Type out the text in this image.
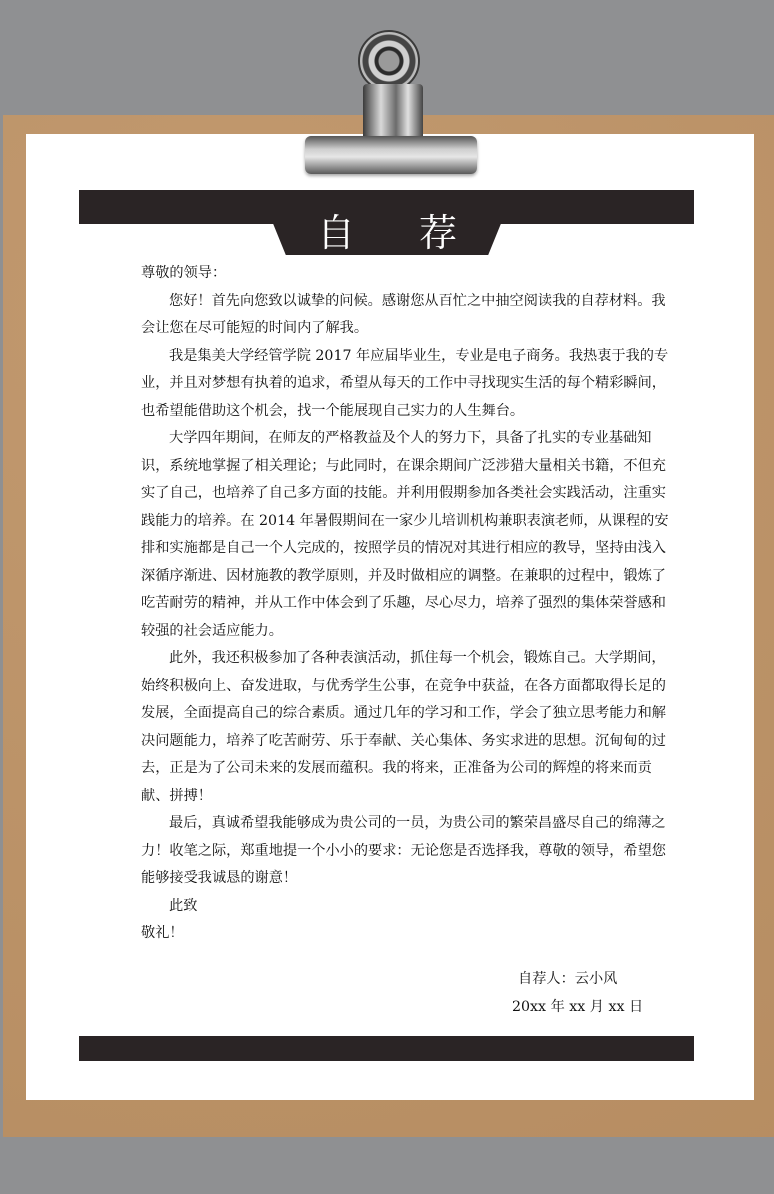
自 荐 信

尊敬的领导：

您好！首先向您致以诚挚的问候。感谢您从百忙之中抽空阅读我的自荐材料。我会让您在尽可能短的时间内了解我。

我是集美大学经管学院 2017 年应届毕业生，专业是电子商务。我热衷于我的专业，并且对梦想有执着的追求，希望从每天的工作中寻找现实生活的每个精彩瞬间，也希望能借助这个机会，找一个能展现自己实力的人生舞台。

大学四年期间，在师友的严格教益及个人的努力下，具备了扎实的专业基础知识，系统地掌握了相关理论；与此同时，在课余期间广泛涉猎大量相关书籍，不但充实了自己，也培养了自己多方面的技能。并利用假期参加各类社会实践活动，注重实践能力的培养。在 2014 年暑假期间在一家少儿培训机构兼职表演老师，从课程的安排和实施都是自己一个人完成的，按照学员的情况对其进行相应的教导，坚持由浅入深循序渐进、因材施教的教学原则，并及时做相应的调整。在兼职的过程中，锻炼了吃苦耐劳的精神，并从工作中体会到了乐趣，尽心尽力，培养了强烈的集体荣誉感和较强的社会适应能力。

此外，我还积极参加了各种表演活动，抓住每一个机会，锻炼自己。大学期间，始终积极向上、奋发进取，与优秀学生公事，在竞争中获益，在各方面都取得长足的发展，全面提高自己的综合素质。通过几年的学习和工作，学会了独立思考能力和解决问题能力，培养了吃苦耐劳、乐于奉献、关心集体、务实求进的思想。沉甸甸的过去，正是为了公司未来的发展而蕴积。我的将来，正准备为公司的辉煌的将来而贡献、拼搏！

最后，真诚希望我能够成为贵公司的一员，为贵公司的繁荣昌盛尽自己的绵薄之力！收笔之际，郑重地提一个小小的要求：无论您是否选择我，尊敬的领导，希望您能够接受我诚恳的谢意！

此致

敬礼！

自荐人：云小风
20xx 年 xx 月 xx 日
